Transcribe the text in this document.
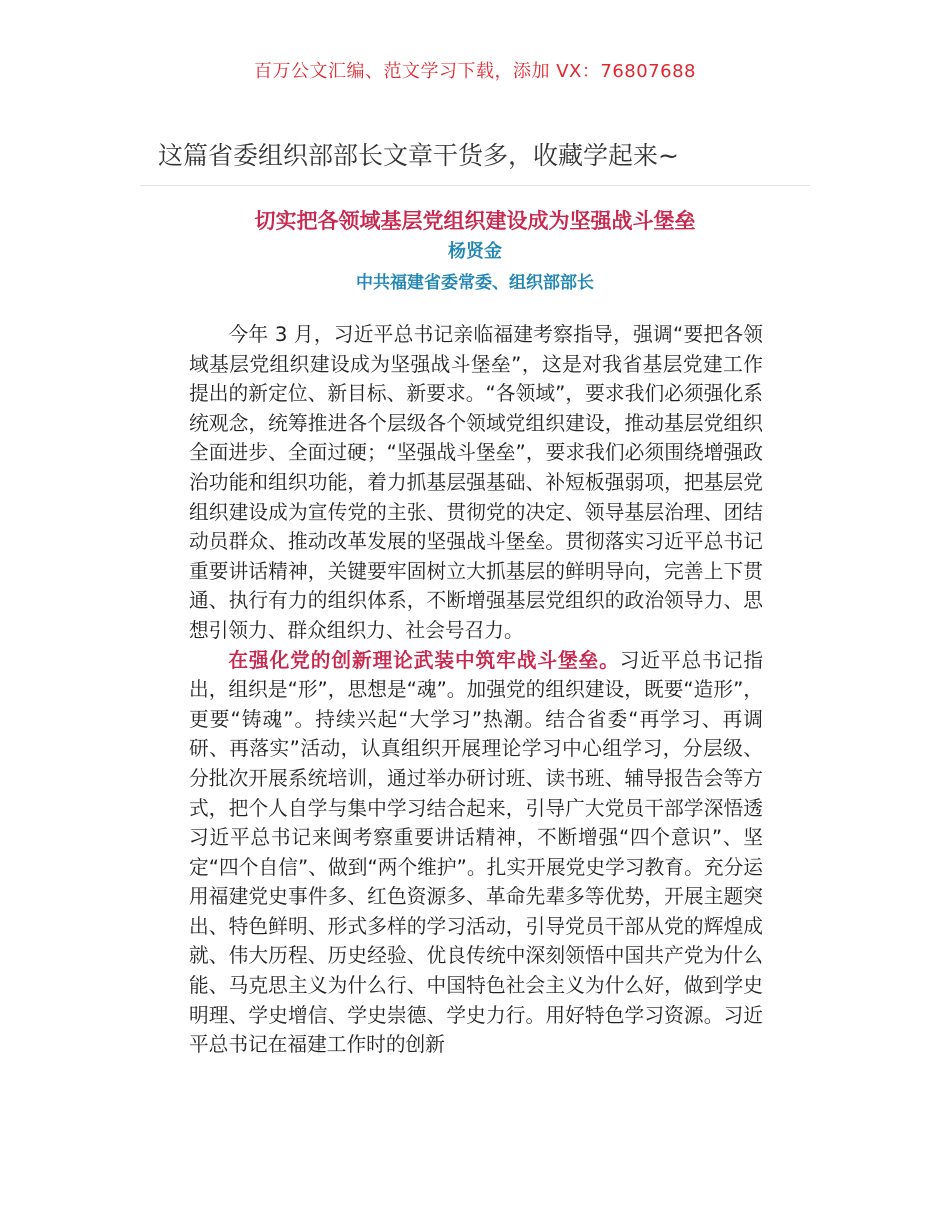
百万公文汇编、范文学习下载，添加 VX：76807688
这篇省委组织部部长文章干货多，收藏学起来~
切实把各领域基层党组织建设成为坚强战斗堡垒
杨贤金
中共福建省委常委、组织部部长

今年 3 月，习近平总书记亲临福建考察指导，强调“要把各领域基层党组织建设成为坚强战斗堡垒”，这是对我省基层党建工作提出的新定位、新目标、新要求。“各领域”，要求我们必须强化系统观念，统筹推进各个层级各个领域党组织建设，推动基层党组织全面进步、全面过硬；“坚强战斗堡垒”，要求我们必须围绕增强政治功能和组织功能，着力抓基层强基础、补短板强弱项，把基层党组织建设成为宣传党的主张、贯彻党的决定、领导基层治理、团结动员群众、推动改革发展的坚强战斗堡垒。贯彻落实习近平总书记重要讲话精神，关键要牢固树立大抓基层的鲜明导向，完善上下贯通、执行有力的组织体系，不断增强基层党组织的政治领导力、思想引领力、群众组织力、社会号召力。

在强化党的创新理论武装中筑牢战斗堡垒。习近平总书记指出，组织是“形”，思想是“魂”。加强党的组织建设，既要“造形”，更要“铸魂”。持续兴起“大学习”热潮。结合省委“再学习、再调研、再落实”活动，认真组织开展理论学习中心组学习，分层级、分批次开展系统培训，通过举办研讨班、读书班、辅导报告会等方式，把个人自学与集中学习结合起来，引导广大党员干部学深悟透习近平总书记来闽考察重要讲话精神，不断增强“四个意识”、坚定“四个自信”、做到“两个维护”。扎实开展党史学习教育。充分运用福建党史事件多、红色资源多、革命先辈多等优势，开展主题突出、特色鲜明、形式多样的学习活动，引导党员干部从党的辉煌成就、伟大历程、历史经验、优良传统中深刻领悟中国共产党为什么能、马克思主义为什么行、中国特色社会主义为什么好，做到学史明理、学史增信、学史崇德、学史力行。用好特色学习资源。习近平总书记在福建工作时的创新
